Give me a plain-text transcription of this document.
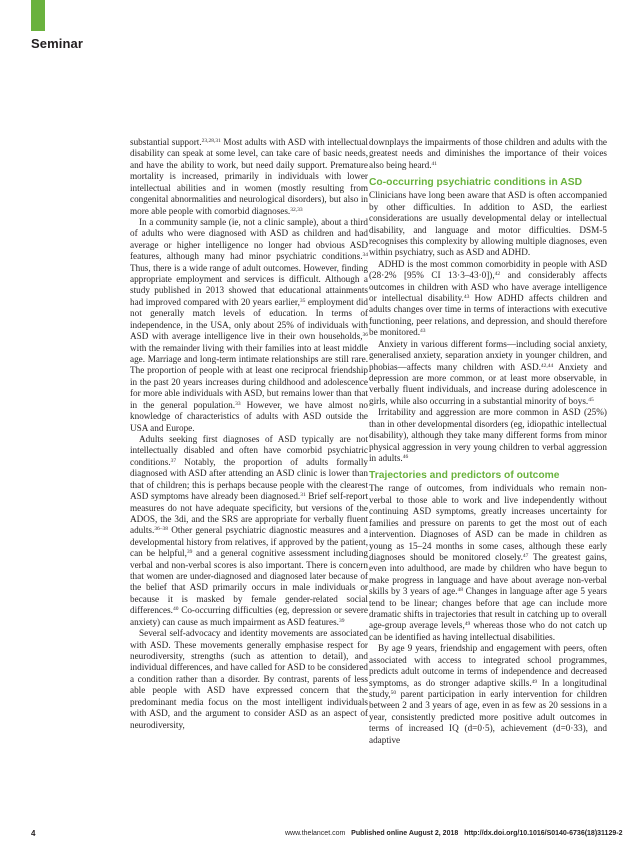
Seminar

substantial support.$^{23,28,31}$ Most adults with ASD with intellectual disability can speak at some level, can take care of basic needs, and have the ability to work, but need daily support. Premature mortality is increased, primarily in individuals with lower intellectual abilities and in women (mostly resulting from congenital abnormalities and neurological disorders), but also in more able people with comorbid diagnoses.$^{32,33}$

In a community sample (ie, not a clinic sample), about a third of adults who were diagnosed with ASD as children and had average or higher intelligence no longer had obvious ASD features, although many had minor psychiatric conditions.$^{34}$ Thus, there is a wide range of adult outcomes. However, finding appropriate employment and services is difficult. Although a study published in 2013 showed that educational attainments had improved compared with 20 years earlier,$^{35}$ employment did not generally match levels of education. In terms of independence, in the USA, only about 25% of individuals with ASD with average intelligence live in their own households,$^{36}$ with the remainder living with their families into at least middle age. Marriage and long-term intimate relationships are still rare. The proportion of people with at least one reciprocal friendship in the past 20 years increases during childhood and adolescence for more able individuals with ASD, but remains lower than that in the general population.$^{33}$ However, we have almost no knowledge of characteristics of adults with ASD outside the USA and Europe.

Adults seeking first diagnoses of ASD typically are not intellectually disabled and often have comorbid psychiatric conditions.$^{37}$ Notably, the proportion of adults formally diagnosed with ASD after attending an ASD clinic is lower than that of children; this is perhaps because people with the clearest ASD symptoms have already been diagnosed.$^{31}$ Brief self-report measures do not have adequate specificity, but versions of the ADOS, the 3di, and the SRS are appropriate for verbally fluent adults.$^{36-38}$ Other general psychiatric diagnostic measures and a developmental history from relatives, if approved by the patient, can be helpful,$^{39}$ and a general cognitive assessment including verbal and non-verbal scores is also important. There is concern that women are under-diagnosed and diagnosed later because of the belief that ASD primarily occurs in male individuals or because it is masked by female gender-related social differences.$^{40}$ Co-occurring difficulties (eg, depression or severe anxiety) can cause as much impairment as ASD features.$^{39}$

Several self-advocacy and identity movements are associated with ASD. These movements generally emphasise respect for neurodiversity, strengths (such as attention to detail), and individual differences, and have called for ASD to be considered a condition rather than a disorder. By contrast, parents of less able people with ASD have expressed concern that the predominant media focus on the most intelligent individuals with ASD, and the argument to consider ASD as an aspect of neurodiversity,

downplays the impairments of those children and adults with the greatest needs and diminishes the importance of their voices also being heard.$^{41}$

Co-occurring psychiatric conditions in ASD

Clinicians have long been aware that ASD is often accompanied by other difficulties. In addition to ASD, the earliest considerations are usually developmental delay or intellectual disability, and language and motor difficulties. DSM-5 recognises this complexity by allowing multiple diagnoses, even within psychiatry, such as ASD and ADHD.

ADHD is the most common comorbidity in people with ASD (28·2% [95% CI 13·3–43·0]),$^{42}$ and considerably affects outcomes in children with ASD who have average intelligence or intellectual disability.$^{43}$ How ADHD affects children and adults changes over time in terms of interactions with executive functioning, peer relations, and depression, and should therefore be monitored.$^{43}$

Anxiety in various different forms—including social anxiety, generalised anxiety, separation anxiety in younger children, and phobias—affects many children with ASD.$^{42,44}$ Anxiety and depression are more common, or at least more observable, in verbally fluent individuals, and increase during adolescence in girls, while also occurring in a substantial minority of boys.$^{45}$

Irritability and aggression are more common in ASD (25%) than in other developmental disorders (eg, idiopathic intellectual disability), although they take many different forms from minor physical aggression in very young children to verbal aggression in adults.$^{46}$

Trajectories and predictors of outcome

The range of outcomes, from individuals who remain non-verbal to those able to work and live independently without continuing ASD symptoms, greatly increases uncertainty for families and pressure on parents to get the most out of each intervention. Diagnoses of ASD can be made in children as young as 15–24 months in some cases, although these early diagnoses should be monitored closely.$^{47}$ The greatest gains, even into adulthood, are made by children who have begun to make progress in language and have about average non-verbal skills by 3 years of age.$^{48}$ Changes in language after age 5 years tend to be linear; changes before that age can include more dramatic shifts in trajectories that result in catching up to overall age-group average levels,$^{49}$ whereas those who do not catch up can be identified as having intellectual disabilities.

By age 9 years, friendship and engagement with peers, often associated with access to integrated school programmes, predicts adult outcome in terms of independence and decreased symptoms, as do stronger adaptive skills.$^{49}$ In a longitudinal study,$^{50}$ parent participation in early intervention for children between 2 and 3 years of age, even in as few as 20 sessions in a year, consistently predicted more positive adult outcomes in terms of increased IQ (d=0·5), achievement (d=0·33), and adaptive

4	www.thelancet.com Published online August 2, 2018 http://dx.doi.org/10.1016/S0140-6736(18)31129-2
